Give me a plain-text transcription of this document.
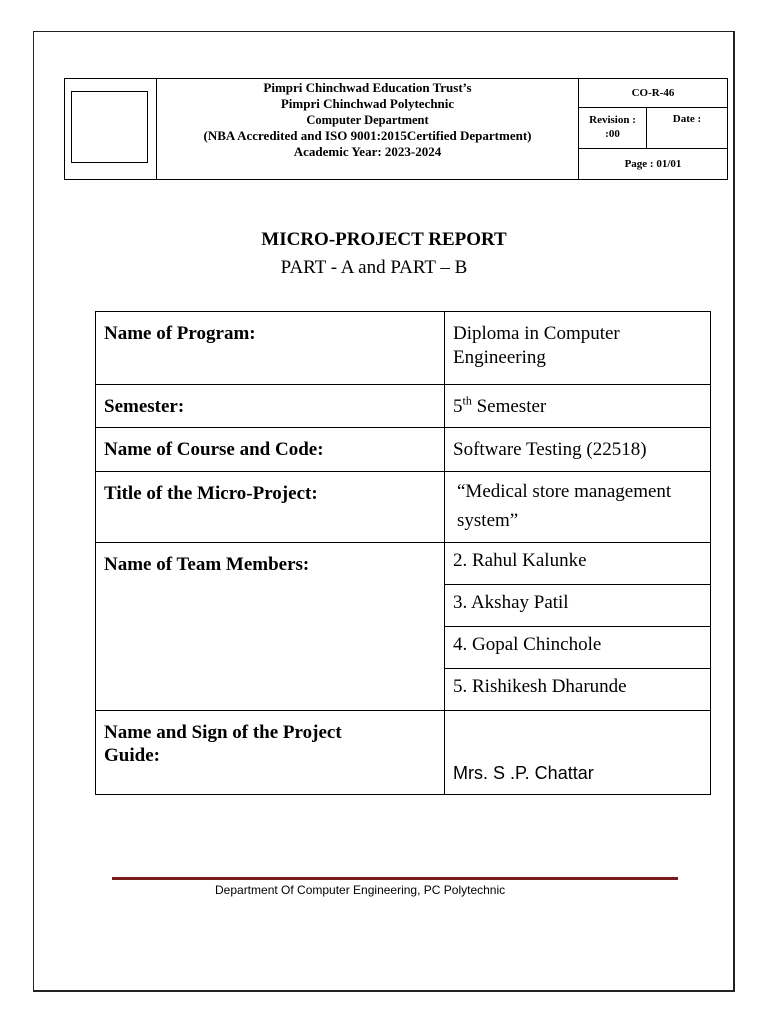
Pimpri Chinchwad Education Trust’s
Pimpri Chinchwad Polytechnic
Computer Department
(NBA Accredited and ISO 9001:2015Certified Department)
Academic Year: 2023-2024
CO-R-46
Revision :
:00
Date :
Page : 01/01
MICRO-PROJECT REPORT
PART - A and PART – B
Name of Program:	Diploma in Computer Engineering
Semester:	5th Semester
Name of Course and Code:	Software Testing (22518)
Title of the Micro-Project:	“Medical store management system”
Name of Team Members:	2. Rahul Kalunke
3. Akshay Patil
4. Gopal Chinchole
5. Rishikesh Dharunde
Name and Sign of the Project Guide:
Mrs. S .P. Chattar
Department Of Computer Engineering, PC Polytechnic
